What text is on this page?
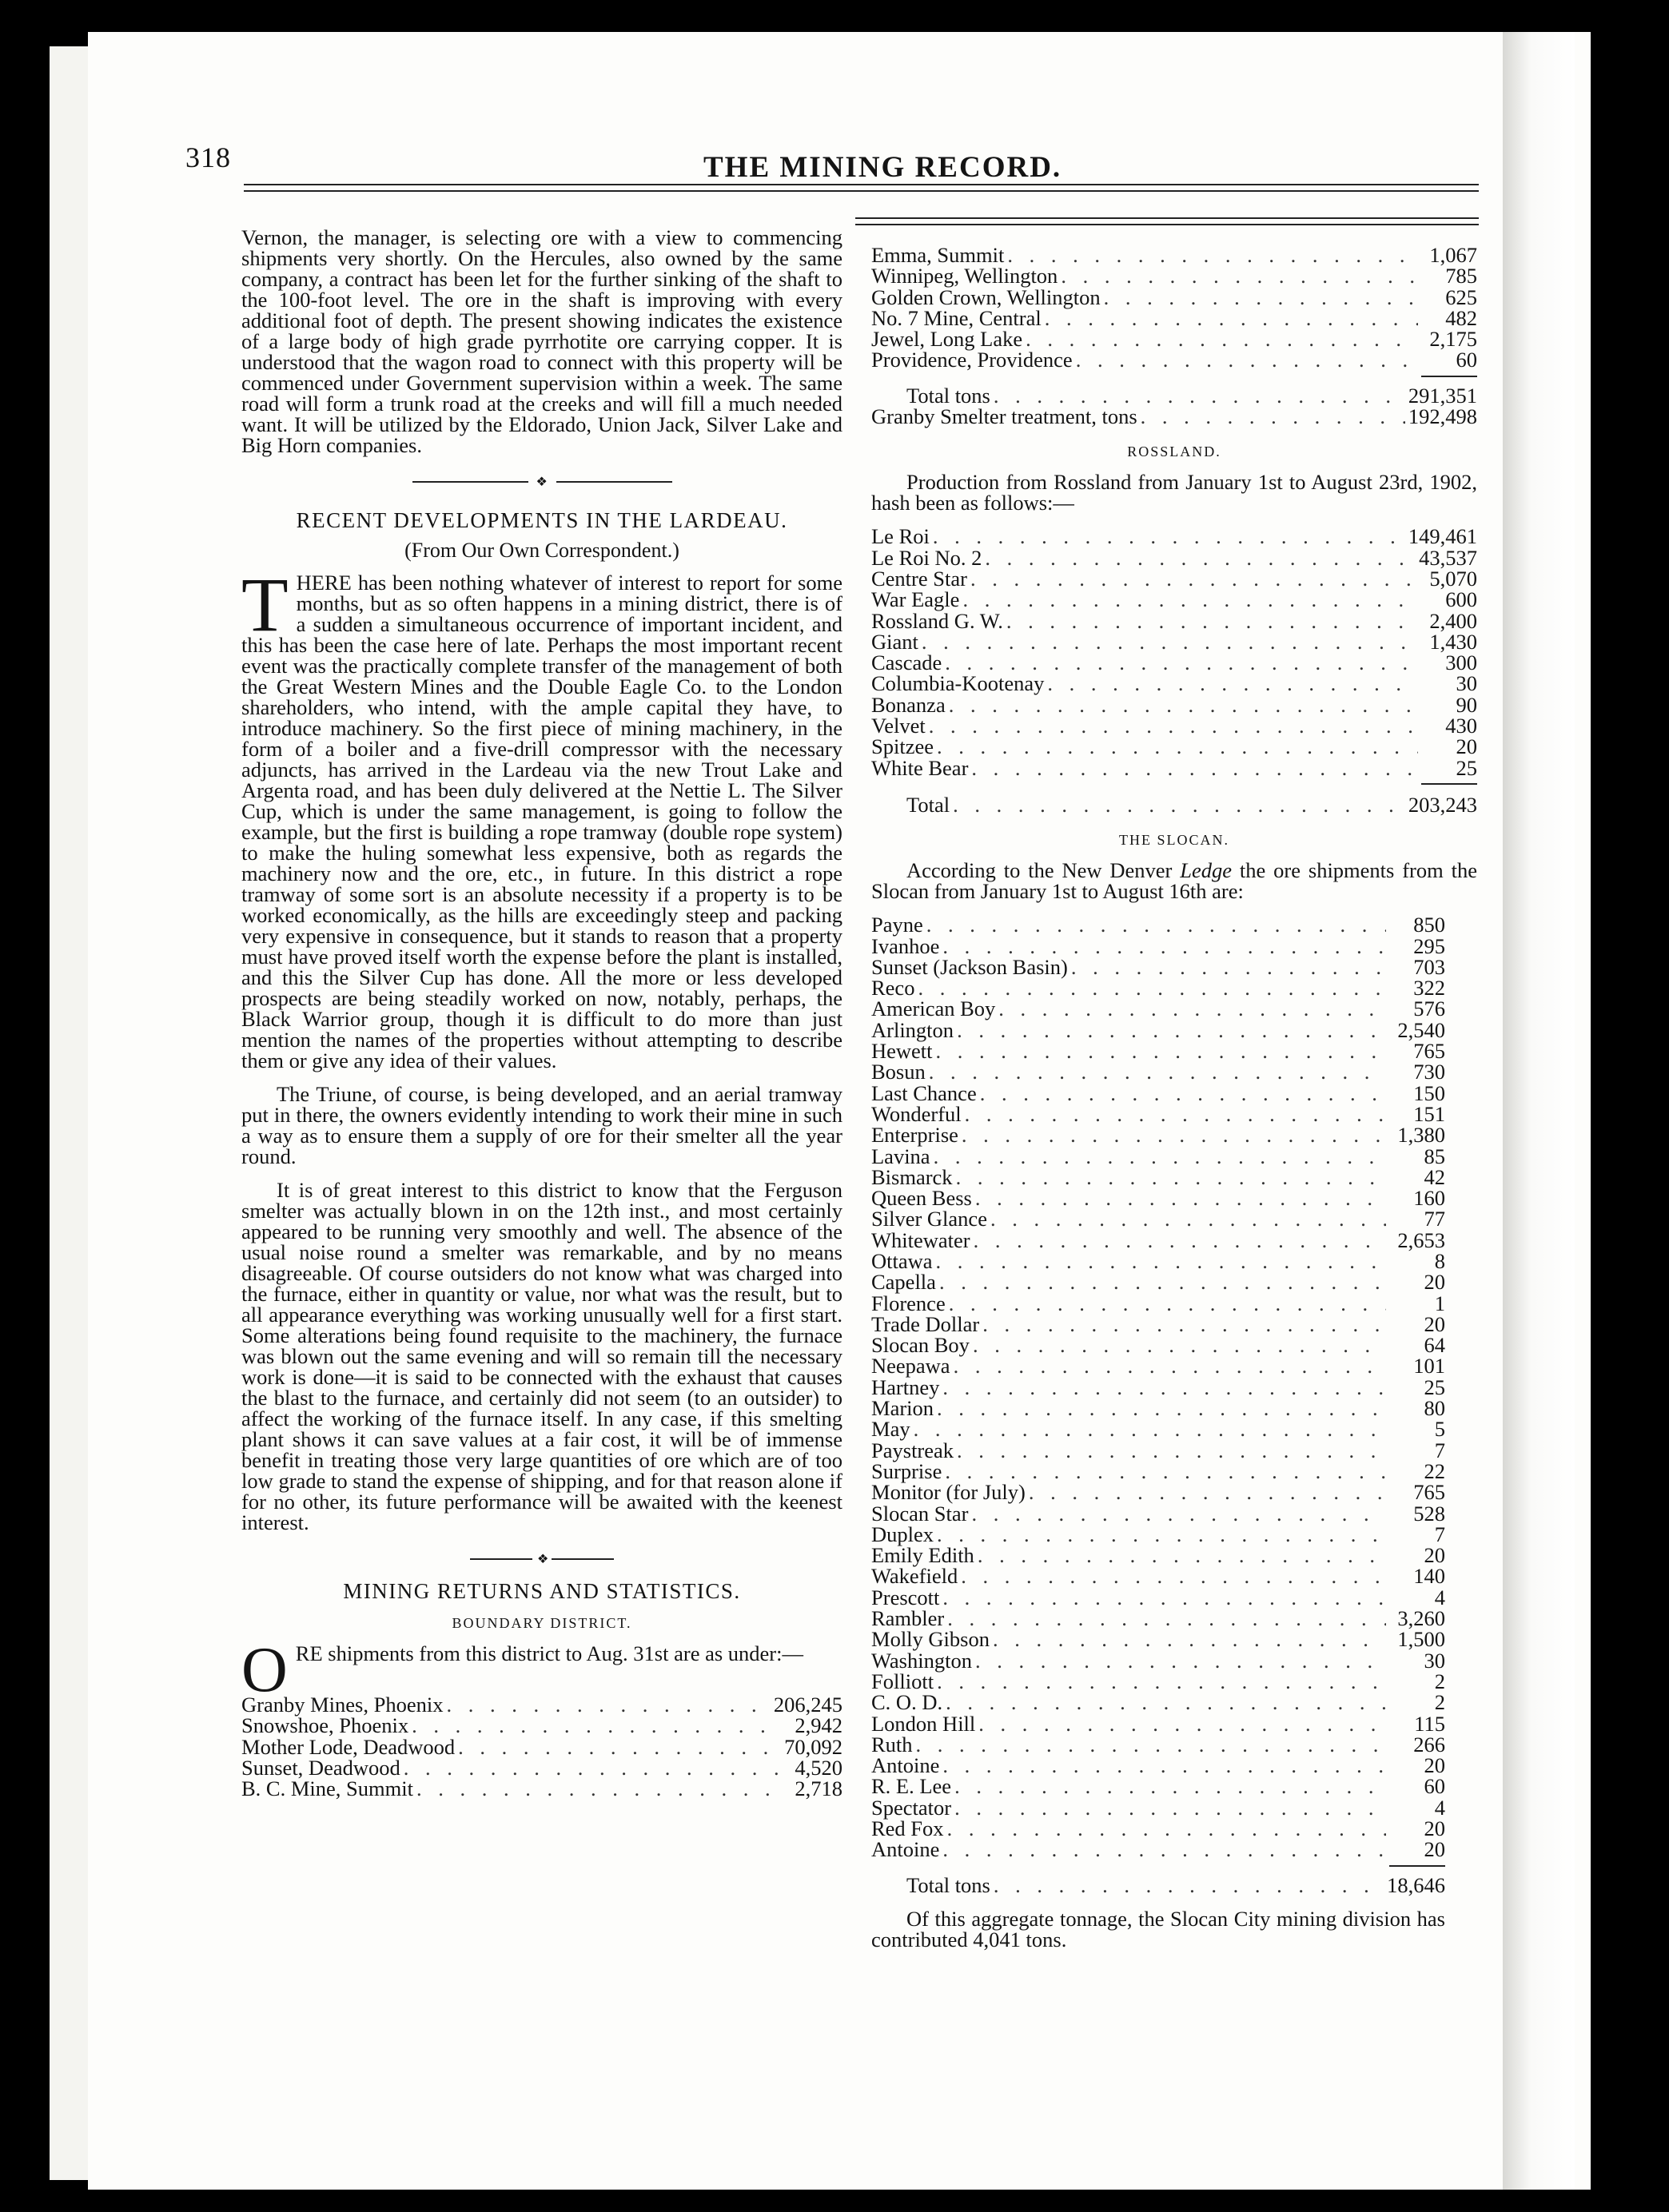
318	THE MINING RECORD.

Vernon, the manager, is selecting ore with a view to commencing shipments very shortly. On the Hercules, also owned by the same company, a contract has been let for the further sinking of the shaft to the 100-foot level. The ore in the shaft is improving with every additional foot of depth. The present showing indicates the existence of a large body of high grade pyrrhotite ore carrying copper. It is understood that the wagon road to connect with this property will be commenced under Government supervision within a week. The same road will form a trunk road at the creeks and will fill a much needed want. It will be utilized by the Eldorado, Union Jack, Silver Lake and Big Horn companies.

❖
RECENT DEVELOPMENTS IN THE LARDEAU.
(From Our Own Correspondent.)

THERE has been nothing whatever of interest to report for some months, but as so often happens in a mining district, there is of a sudden a simultaneous occurrence of important incident, and this has been the case here of late. Perhaps the most important recent event was the practically complete transfer of the management of both the Great Western Mines and the Double Eagle Co. to the London shareholders, who intend, with the ample capital they have, to introduce machinery. So the first piece of mining machinery, in the form of a boiler and a five-drill compressor with the necessary adjuncts, has arrived in the Lardeau via the new Trout Lake and Argenta road, and has been duly delivered at the Nettie L. The Silver Cup, which is under the same management, is going to follow the example, but the first is building a rope tramway (double rope system) to make the huling somewhat less expensive, both as regards the machinery now and the ore, etc., in future. In this district a rope tramway of some sort is an absolute necessity if a property is to be worked economically, as the hills are exceedingly steep and packing very expensive in consequence, but it stands to reason that a property must have proved itself worth the expense before the plant is installed, and this the Silver Cup has done. All the more or less developed prospects are being steadily worked on now, notably, perhaps, the Black Warrior group, though it is difficult to do more than just mention the names of the properties without attempting to describe them or give any idea of their values.

The Triune, of course, is being developed, and an aerial tramway put in there, the owners evidently intending to work their mine in such a way as to ensure them a supply of ore for their smelter all the year round.

It is of great interest to this district to know that the Ferguson smelter was actually blown in on the 12th inst., and most certainly appeared to be running very smoothly and well. The absence of the usual noise round a smelter was remarkable, and by no means disagreeable. Of course outsiders do not know what was charged into the furnace, either in quantity or value, nor what was the result, but to all appearance everything was working unusually well for a first start. Some alterations being found requisite to the machinery, the furnace was blown out the same evening and will so remain till the necessary work is done—it is said to be connected with the exhaust that causes the blast to the furnace, and certainly did not seem (to an outsider) to affect the working of the furnace itself. In any case, if this smelting plant shows it can save values at a fair cost, it will be of immense benefit in treating those very large quantities of ore which are of too low grade to stand the expense of shipping, and for that reason alone if for no other, its future performance will be awaited with the keenest interest.

❖
MINING RETURNS AND STATISTICS.
BOUNDARY DISTRICT.

ORE shipments from this district to Aug. 31st are as under:—

Granby Mines, Phoenix . . .	206,245
Snowshoe, Phoenix . . .	2,942
Mother Lode, Deadwood . . .	70,092
Sunset, Deadwood . . .	4,520
B. C. Mine, Summit . . .	2,718
Emma, Summit . . .	1,067
Winnipeg, Wellington . . .	785
Golden Crown, Wellington . . .	625
No. 7 Mine, Central . . .	482
Jewel, Long Lake . . .	2,175
Providence, Providence . . .	60
Total tons . . .	291,351
Granby Smelter treatment, tons . . .	192,498
ROSSLAND.

Production from Rossland from January 1st to August 23rd, 1902, hash been as follows:—

Le Roi . . .	149,461
Le Roi No. 2 . . .	43,537
Centre Star . . .	5,070
War Eagle . . .	600
Rossland G. W. . . .	2,400
Giant . . .	1,430
Cascade . . .	300
Columbia-Kootenay . . .	30
Bonanza . . .	90
Velvet . . .	430
Spitzee . . .	20
White Bear . . .	25
Total . . .	203,243
THE SLOCAN.

According to the New Denver Ledge the ore shipments from the Slocan from January 1st to August 16th are:

Payne . . .	850
Ivanhoe . . .	295
Sunset (Jackson Basin) . . .	703
Reco . . .	322
American Boy . . .	576
Arlington . . .	2,540
Hewett . . .	765
Bosun . . .	730
Last Chance . . .	150
Wonderful . . .	151
Enterprise . . .	1,380
Lavina . . .	85
Bismarck . . .	42
Queen Bess . . .	160
Silver Glance . . .	77
Whitewater . . .	2,653
Ottawa . . .	8
Capella . . .	20
Florence . . .	1
Trade Dollar . . .	20
Slocan Boy . . .	64
Neepawa . . .	101
Hartney . . .	25
Marion . . .	80
May . . .	5
Paystreak . . .	7
Surprise . . .	22
Monitor (for July) . . .	765
Slocan Star . . .	528
Duplex . . .	7
Emily Edith . . .	20
Wakefield . . .	140
Prescott . . .	4
Rambler . . .	3,260
Molly Gibson . . .	1,500
Washington . . .	30
Folliott . . .	2
C. O. D. . . .	2
London Hill . . .	115
Ruth . . .	266
Antoine . . .	20
R. E. Lee . . .	60
Spectator . . .	4
Red Fox . . .	20
Antoine . . .	20
Total tons . . .	18,646

Of this aggregate tonnage, the Slocan City mining division has contributed 4,041 tons.
